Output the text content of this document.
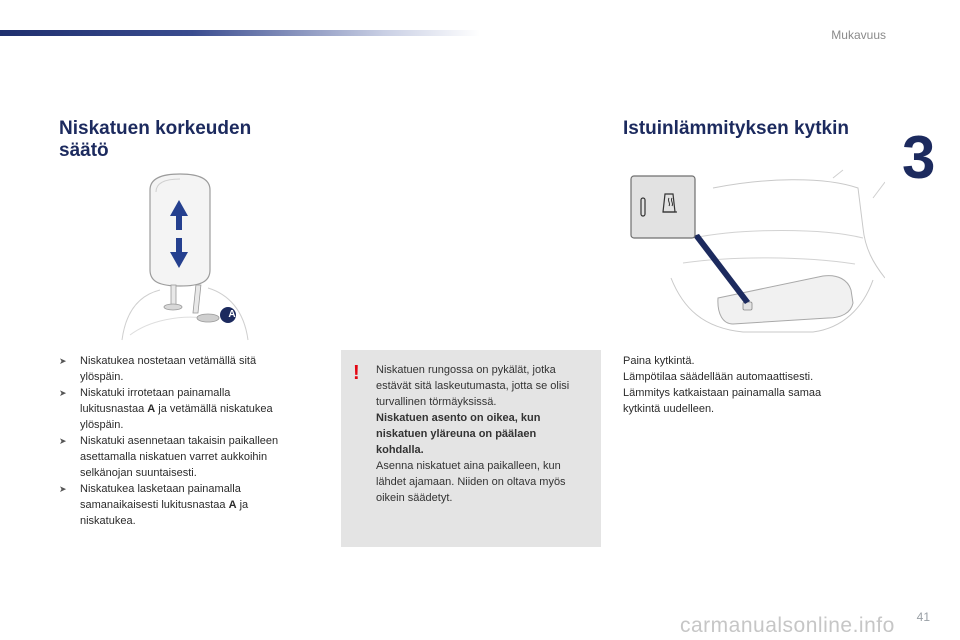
Mukavuus
3
Niskatuen korkeuden
säätö
A
➤ Niskatukea nostetaan vetämällä sitä
ylöspäin.
➤ Niskatuki irrotetaan painamalla
lukitusnastaa A ja vetämällä niskatukea
ylöspäin.
➤ Niskatuki asennetaan takaisin paikalleen
asettamalla niskatuen varret aukkoihin
selkänojan suuntaisesti.
➤ Niskatukea lasketaan painamalla
samanaikaisesti lukitusnastaa A ja
niskatukea.
! Niskatuen rungossa on pykälät, jotka
estävät sitä laskeutumasta, jotta se olisi
turvallinen törmäyksissä.
Niskatuen asento on oikea, kun
niskatuen yläreuna on päälaen
kohdalla.
Asenna niskatuet aina paikalleen, kun
lähdet ajamaan. Niiden on oltava myös
oikein säädetyt.
Istuinlämmityksen kytkin
Paina kytkintä.
Lämpötilaa säädellään automaattisesti.
Lämmitys katkaistaan painamalla samaa
kytkintä uudelleen.
carmanualsonline.info 41
